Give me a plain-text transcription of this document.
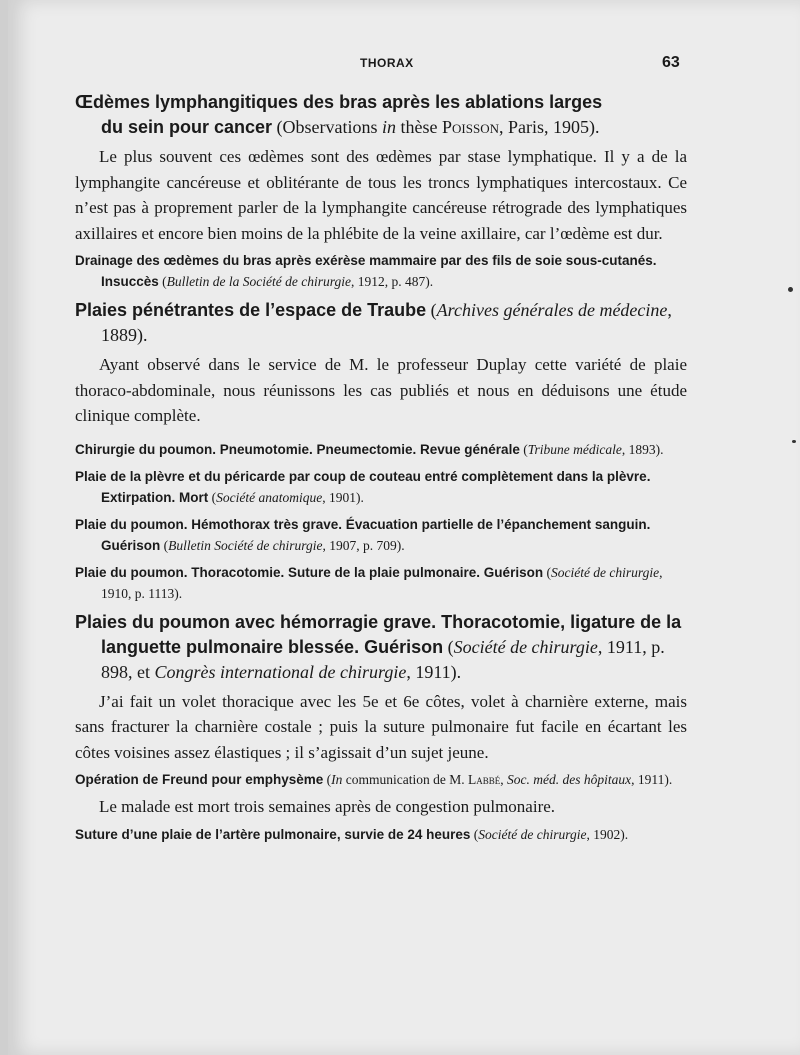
THORAX	63

Œdèmes lymphangitiques des bras après les ablations larges
du sein pour cancer (Observations in thèse Poisson, Paris, 1905).

Le plus souvent ces œdèmes sont des œdèmes par stase lymphatique. Il y a de la lymphangite cancéreuse et oblitérante de tous les troncs lymphatiques intercostaux. Ce n’est pas à proprement parler de la lymphangite cancéreuse rétrograde des lymphatiques axillaires et encore bien moins de la phlébite de la veine axillaire, car l’œdème est dur.

Drainage des œdèmes du bras après exérèse mammaire par des fils de soie sous-cutanés. Insuccès (Bulletin de la Société de chirurgie, 1912, p. 487).

Plaies pénétrantes de l’espace de Traube (Archives générales de médecine, 1889).

Ayant observé dans le service de M. le professeur Duplay cette variété de plaie thoraco-abdominale, nous réunissons les cas publiés et nous en déduisons une étude clinique complète.

Chirurgie du poumon. Pneumotomie. Pneumectomie. Revue générale (Tribune médicale, 1893).

Plaie de la plèvre et du péricarde par coup de couteau entré complètement dans la plèvre. Extirpation. Mort (Société anatomique, 1901).

Plaie du poumon. Hémothorax très grave. Évacuation partielle de l’épanchement sanguin. Guérison (Bulletin Société de chirurgie, 1907, p. 709).

Plaie du poumon. Thoracotomie. Suture de la plaie pulmonaire. Guérison (Société de chirurgie, 1910, p. 1113).

Plaies du poumon avec hémorragie grave. Thoracotomie, ligature de la languette pulmonaire blessée. Guérison (Société de chirurgie, 1911, p. 898, et Congrès international de chirurgie, 1911).

J’ai fait un volet thoracique avec les 5e et 6e côtes, volet à charnière externe, mais sans fracturer la charnière costale ; puis la suture pulmonaire fut facile en écartant les côtes voisines assez élastiques ; il s’agissait d’un sujet jeune.

Opération de Freund pour emphysème (In communication de M. Labbé, Soc. méd. des hôpitaux, 1911).

Le malade est mort trois semaines après de congestion pulmonaire.

Suture d’une plaie de l’artère pulmonaire, survie de 24 heures (Société de chirurgie, 1902).
